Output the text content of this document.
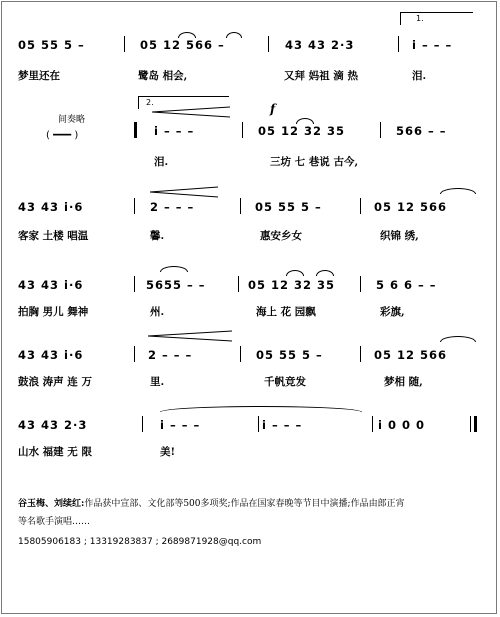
05 55 5 –	05 12 566 –	43 43 2·3
1.
i – – –
梦里还在	鹭岛 相会,	又拜 妈祖 滴 热	泪.
间奏略
( ━━━ )
2.
i – – –
f
05 12 32 35	566 – –
泪.	三坊 七 巷说 古今,
43 43 i·6	2 – – –	05 55 5 –	05 12 566
客家 土楼 唱温	馨.	惠安乡女	织锦 绣,
43 43 i·6	5655 – –	05 12 32 35	5 6 6 – –
拍胸 男儿 舞神	州.	海上 花 园飘	彩旗,
43 43 i·6	2 – – –	05 55 5 –	05 12 566
鼓浪 涛声 连 万	里.	千帆竞发	梦相 随,
43 43 2·3	i – – –	i – – –	i 0 0 0
山水 福建 无 限	美!
谷玉梅、刘续红:作品获中宣部、文化部等500多项奖;作品在国家春晚等节目中演播;作品由郎正宵
等名歌手演唱……
15805906183 ; 13319283837 ; 2689871928@qq.com
